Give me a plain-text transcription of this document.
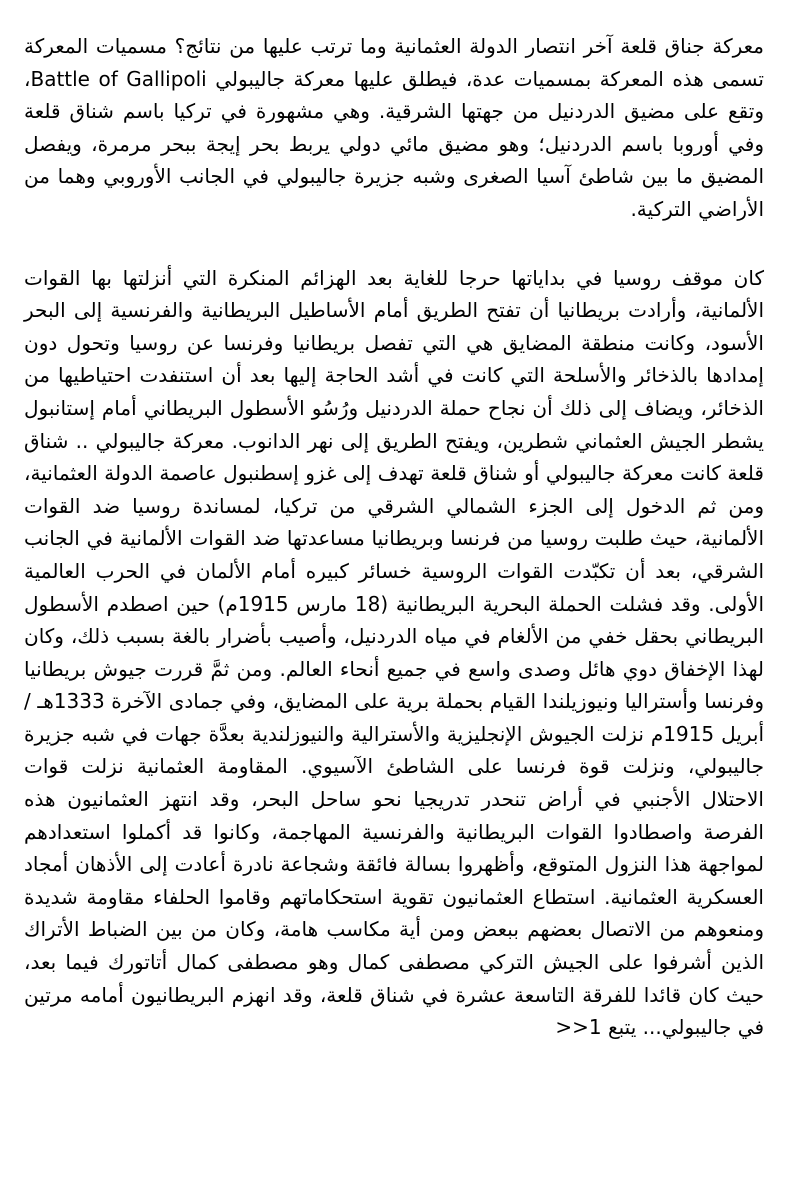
معركة جناق قلعة آخر انتصار الدولة العثمانية وما ترتب عليها من نتائج؟ مسميات المعركة تسمى هذه المعركة بمسميات عدة، فيطلق عليها معركة جاليبولي Battle of Gallipoli، وتقع على مضيق الدردنيل من جهتها الشرقية. وهي مشهورة في تركيا باسم شناق قلعة وفي أوروبا باسم الدردنيل؛ وهو مضيق مائي دولي يربط بحر إيجة ببحر مرمرة، ويفصل المضيق ما بين شاطئ آسيا الصغرى وشبه جزيرة جاليبولي في الجانب الأوروبي وهما من الأراضي التركية.

كان موقف روسيا في بداياتها حرجا للغاية بعد الهزائم المنكرة التي أنزلتها بها القوات الألمانية، وأرادت بريطانيا أن تفتح الطريق أمام الأساطيل البريطانية والفرنسية إلى البحر الأسود، وكانت منطقة المضايق هي التي تفصل بريطانيا وفرنسا عن روسيا وتحول دون إمدادها بالذخائر والأسلحة التي كانت في أشد الحاجة إليها بعد أن استنفدت احتياطيها من الذخائر، ويضاف إلى ذلك أن نجاح حملة الدردنيل ورُسُو الأسطول البريطاني أمام إستانبول يشطر الجيش العثماني شطرين، ويفتح الطريق إلى نهر الدانوب. معركة جاليبولي .. شناق قلعة كانت معركة جاليبولي أو شناق قلعة تهدف إلى غزو إسطنبول عاصمة الدولة العثمانية، ومن ثم الدخول إلى الجزء الشمالي الشرقي من تركيا، لمساندة روسيا ضد القوات الألمانية، حيث طلبت روسيا من فرنسا وبريطانيا مساعدتها ضد القوات الألمانية في الجانب الشرقي، بعد أن تكبّدت القوات الروسية خسائر كبيره أمام الألمان في الحرب العالمية الأولى. وقد فشلت الحملة البحرية البريطانية (18 مارس 1915م) حين اصطدم الأسطول البريطاني بحقل خفي من الألغام في مياه الدردنيل، وأصيب بأضرار بالغة بسبب ذلك، وكان لهذا الإخفاق دوي هائل وصدى واسع في جميع أنحاء العالم. ومن ثمَّ قررت جيوش بريطانيا وفرنسا وأستراليا ونيوزيلندا القيام بحملة برية على المضايق، وفي جمادى الآخرة 1333هـ / أبريل 1915م نزلت الجيوش الإنجليزية والأسترالية والنيوزلندية بعدَّة جهات في شبه جزيرة جاليبولي، ونزلت قوة فرنسا على الشاطئ الآسيوي. المقاومة العثمانية نزلت قوات الاحتلال الأجنبي في أراض تنحدر تدريجيا نحو ساحل البحر، وقد انتهز العثمانيون هذه الفرصة واصطادوا القوات البريطانية والفرنسية المهاجمة، وكانوا قد أكملوا استعدادهم لمواجهة هذا النزول المتوقع، وأظهروا بسالة فائقة وشجاعة نادرة أعادت إلى الأذهان أمجاد العسكرية العثمانية. استطاع العثمانيون تقوية استحكاماتهم وقاموا الحلفاء مقاومة شديدة ومنعوهم من الاتصال بعضهم ببعض ومن أية مكاسب هامة، وكان من بين الضباط الأتراك الذين أشرفوا على الجيش التركي مصطفى كمال وهو مصطفى كمال أتاتورك فيما بعد، حيث كان قائدا للفرقة التاسعة عشرة في شناق قلعة، وقد انهزم البريطانيون أمامه مرتين في جاليبولي... يتبع 1<<
